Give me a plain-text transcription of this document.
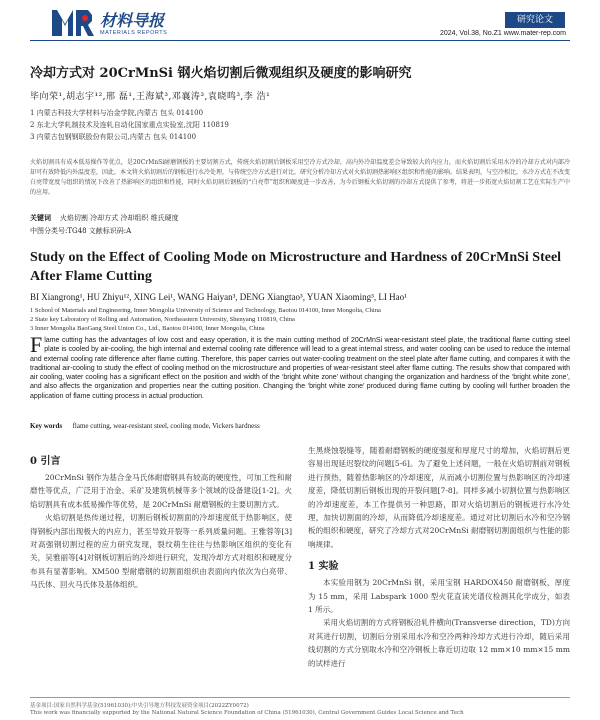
材料导报
MATERIALS REPORTS
研究论文
2024, Vol.38, No.Z1 www.mater-rep.com
冷却方式对 20CrMnSi 钢火焰切割后微观组织及硬度的影响研究
毕向荣¹,胡志宇¹²,邢 磊¹,王海斌³,邓襄涛³,袁晓鸣³,李 浩¹
1 内蒙古科技大学材料与冶金学院,内蒙古 包头 014100
2 东北大学轧制技术及连轧自动化国家重点实验室,沈阳 110819
3 内蒙古包钢钢联股份有限公司,内蒙古 包头 014100
火焰切割具有成本低易操作等优点，是20CrMnSi耐磨钢板的主要切割方式，传统火焰切割后钢板采用空冷方式冷却，高内外冷却温度差会导致较大的内应力，而火焰切割后采用水冷的冷却方式对内部冷却可有效降低内外温度差，因此，本文将火焰切割后的钢板进行水冷处理，与传统空冷方式进行对比，研究分析冷却方式对火焰切割热影响区组织和性能的影响。结果表明，与空冷相比，水冷方式在不改变白亮带宽度与组织的情况下改善了热影响区的组织和性能，同时火焰切割后钢板的“白亮带”组织和硬度进一步改善，为今后钢板火焰切割的冷却方式提供了参考，将进一步拓宽火焰切割工艺在实际生产中的应用。
关键词 火焰切割 冷却方式 冷却组织 维氏硬度
中图分类号:TG48 文献标识码:A
Study on the Effect of Cooling Mode on Microstructure and Hardness of 20CrMnSi Steel After Flame Cutting
BI Xiangrong¹, HU Zhiyu¹², XING Lei¹, WANG Haiyan³, DENG Xiangtao³, YUAN Xiaoming³, LI Hao¹
1 School of Materials and Engineering, Inner Mongolia University of Science and Technology, Baotou 014100, Inner Mongolia, China
2 State key Laboratory of Rolling and Automation, Northeastern University, Shenyang 110819, China
3 Inner Mongolia BaoGang Steel Union Co., Ltd., Baotou 014100, Inner Mongolia, China
F lame cutting has the advantages of low cost and easy operation, it is the main cutting method of 20CrMnSi wear-resistant steel plate, the traditional flame cutting steel plate is cooled by air-cooling, the high internal and external cooling rate difference will lead to a great internal stress, and water cooling can be used to reduce the internal and external cooling rate difference after flame cutting. Therefore, this paper carries out water-cooling treatment on the steel plate after flame cutting, and compares it with the traditional air-cooling to study the effect of cooling method on the microstructure and properties of wear-resistant steel after flame cutting. The results show that compared with air cooling, water cooling has a significant effect on the position and width of the ‘bright white zone’ without changing the organization and hardness of the ‘bright white zone’, and also affects the organization and properties near the cutting position. Changing the ‘bright white zone’ produced during flame cutting by cooling will further broaden the application of flame cutting process in actual production.
Key words flame cutting, wear-resistant steel, cooling mode, Vickers hardness
0 引言
20CrMnSi 钢作为基合金马氏体耐磨钢具有较高的硬度性，可加工性和耐磨性等优点，广泛用于冶金、采矿及建筑机械等多个领域的设备建设[1-2]。火焰切割具有成本低易操作等优势，是 20CrMnSi 耐磨钢板的主要切割方式。
火焰切割是热传递过程，切割后钢板切割面的冷却速度低于热影响区，使得钢板内部出现极大的内应力，甚至导致开裂等一系列质量问题。王雅蓉等[3]对高强钢切割过程的应力研究发现，裂纹萌生往往与热影响区组织的变化有关，吴雅丽等[4]对钢板切割后的冷却进行研究，发现冷却方式对组织和硬度分布具有显著影响。XM500 型耐磨钢的切割面组织由表面向内依次为白亮带、马氏体、回火马氏体及基体组织。
生黑烧蚀裂缝等，随着耐磨钢板的硬度强度和厚度尺寸的增加，火焰切割后更容易出现延迟裂纹的问题[5-6]。为了避免上述问题，一般在火焰切割前对钢板进行预热，随着热影响区的冷却速度，从而减小切割位置与热影响区的冷却速度差，降低切割后钢板出现的开裂问题[7-8]。同样多减小切割位置与热影响区的冷却速度差，本工作提供另一种思路，即对火焰切割后的钢板进行水冷处理，加快切割面的冷却，从而降低冷却速度差。通过对比切割后水冷和空冷钢板的组织和硬度，研究了冷却方式对20CrMnSi 耐磨钢切割面组织与性能的影响规律。
1 实验
本实验用钢为 20CrMnSi 钢，采用宝钢 HARDOX450 耐磨钢板，厚度为 15 mm，采用 Labspark 1000 型火花直读光谱仪检测其化学成分，如表 1 所示。
采用火焰切割的方式将钢板沿轧件横向(Transverse direction，TD)方向对其进行切割，切割后分别采用水冷和空冷两种冷却方式进行冷却，随后采用线切割的方式分别取水冷和空冷钢板上靠近切边取 12 mm×10 mm×15 mm 的试样进行
基金项目:国家自然科学基金(51961030);中央引导地方科技发展资金项目(2022ZY0072)
This work was financially supported by the National Natural Science Foundation of China (51961030), Central Government Guides Local Science and Tech
